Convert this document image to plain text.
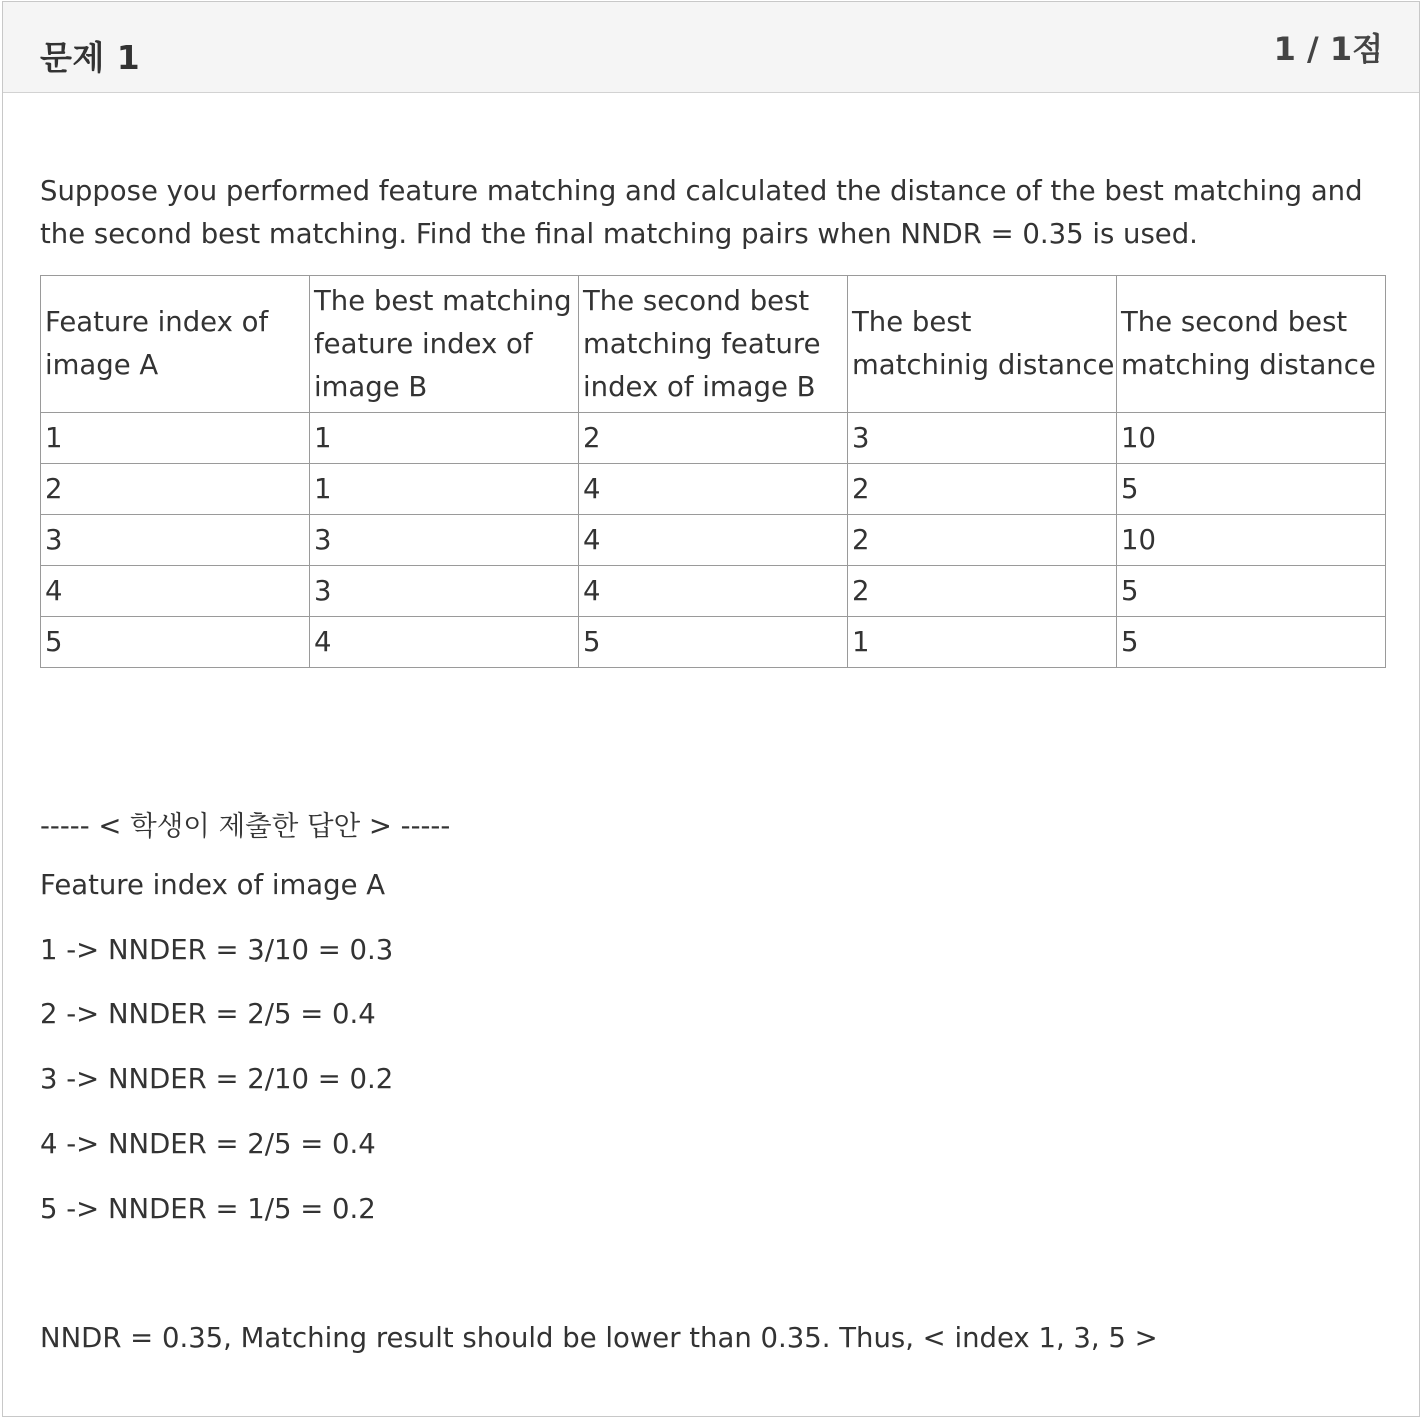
문제 1	1 / 1점
Suppose you performed feature matching and calculated the distance of the best matching and the second best matching. Find the final matching pairs when NNDR = 0.35 is used.
Feature index of image A	The best matching feature index of image B	The second best matching feature index of image B	The best matchinig distance	The second best matching distance
1	1	2	3	10
2	1	4	2	5
3	3	4	2	10
4	3	4	2	5
5	4	5	1	5
----- < 학생이 제출한 답안 > -----
Feature index of image A
1 -> NNDER = 3/10 = 0.3
2 -> NNDER = 2/5 = 0.4
3 -> NNDER = 2/10 = 0.2
4 -> NNDER = 2/5 = 0.4
5 -> NNDER = 1/5 = 0.2
NNDR = 0.35, Matching result should be lower than 0.35. Thus, < index 1, 3, 5 >
